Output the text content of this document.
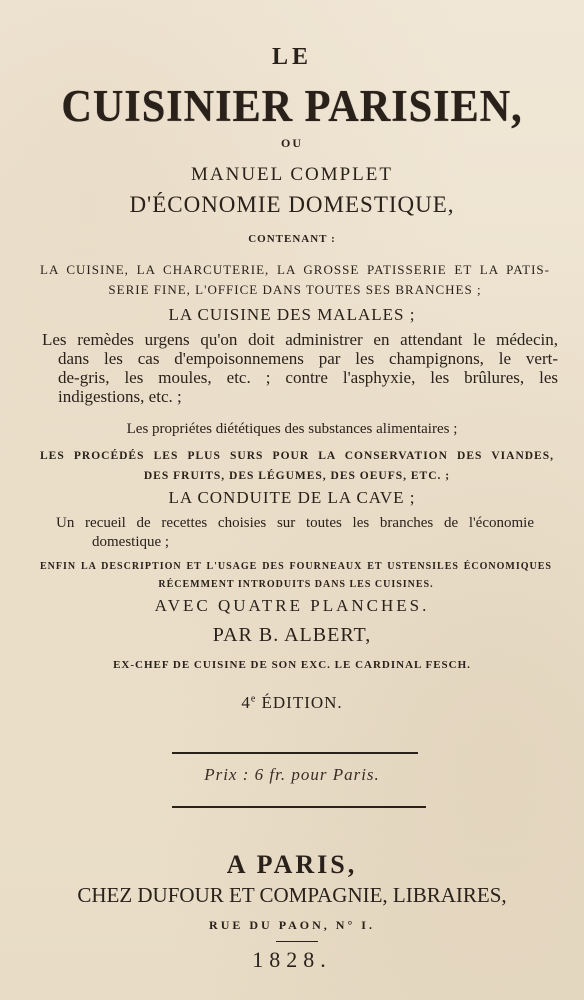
LE
CUISINIER PARISIEN,
OU
MANUEL COMPLET
D'ÉCONOMIE DOMESTIQUE,
CONTENANT :
LA CUISINE, LA CHARCUTERIE, LA GROSSE PATISSERIE ET LA PATIS-
SERIE FINE, L'OFFICE DANS TOUTES SES BRANCHES ;
LA CUISINE DES MALALES ;
Les remèdes urgens qu'on doit administrer en attendant le médecin,
dans les cas d'empoisonnemens par les champignons, le vert-
de-gris, les moules, etc. ; contre l'asphyxie, les brûlures, les
indigestions, etc. ;
Les propriétes diététiques des substances alimentaires ;
LES PROCÉDÉS LES PLUS SURS POUR LA CONSERVATION DES VIANDES,
DES FRUITS, DES LÉGUMES, DES OEUFS, ETC. ;
LA CONDUITE DE LA CAVE ;
Un recueil de recettes choisies sur toutes les branches de l'économie
domestique ;
ENFIN LA DESCRIPTION ET L'USAGE DES FOURNEAUX ET USTENSILES ÉCONOMIQUES
RÉCEMMENT INTRODUITS DANS LES CUISINES.
AVEC QUATRE PLANCHES.
PAR B. ALBERT,
EX-CHEF DE CUISINE DE SON EXC. LE CARDINAL FESCH.
4e ÉDITION.
Prix : 6 fr. pour Paris.
A PARIS,
CHEZ DUFOUR ET COMPAGNIE, LIBRAIRES,
RUE DU PAON, N° I.
1828.
